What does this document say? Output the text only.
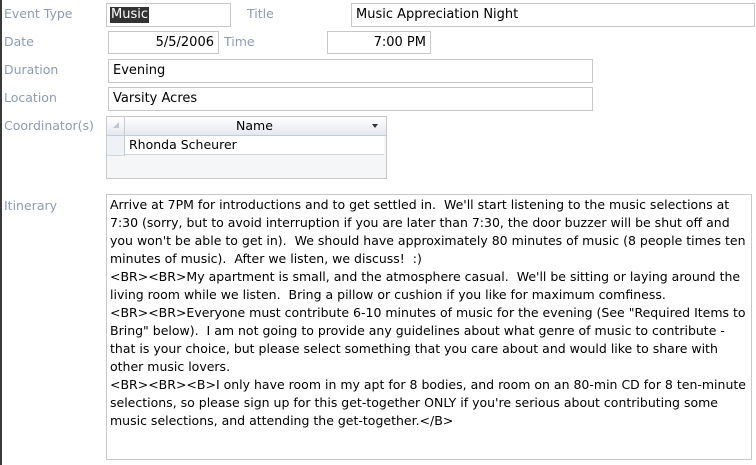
Event Type	Music	Title	Music Appreciation Night
Date	5/5/2006 Time	7:00 PM
Duration	Evening
Location	Varsity Acres
Coordinator(s)	Name
Rhonda Scheurer
Itinerary	Arrive at 7PM for introductions and to get settled in.  We'll start listening to the music selections at 7:30 (sorry, but to avoid interruption if you are later than 7:30, the door buzzer will be shut off and you won't be able to get in).  We should have approximately 80 minutes of music (8 people times ten minutes of music).  After we listen, we discuss!  :)
<BR><BR>My apartment is small, and the atmosphere casual.  We'll be sitting or laying around the living room while we listen.  Bring a pillow or cushion if you like for maximum comfiness.
<BR><BR>Everyone must contribute 6-10 minutes of music for the evening (See "Required Items to Bring" below).  I am not going to provide any guidelines about what genre of music to contribute - that is your choice, but please select something that you care about and would like to share with other music lovers.
<BR><BR><B>I only have room in my apt for 8 bodies, and room on an 80-min CD for 8 ten-minute selections, so please sign up for this get-together ONLY if you're serious about contributing some music selections, and attending the get-together.</B>
